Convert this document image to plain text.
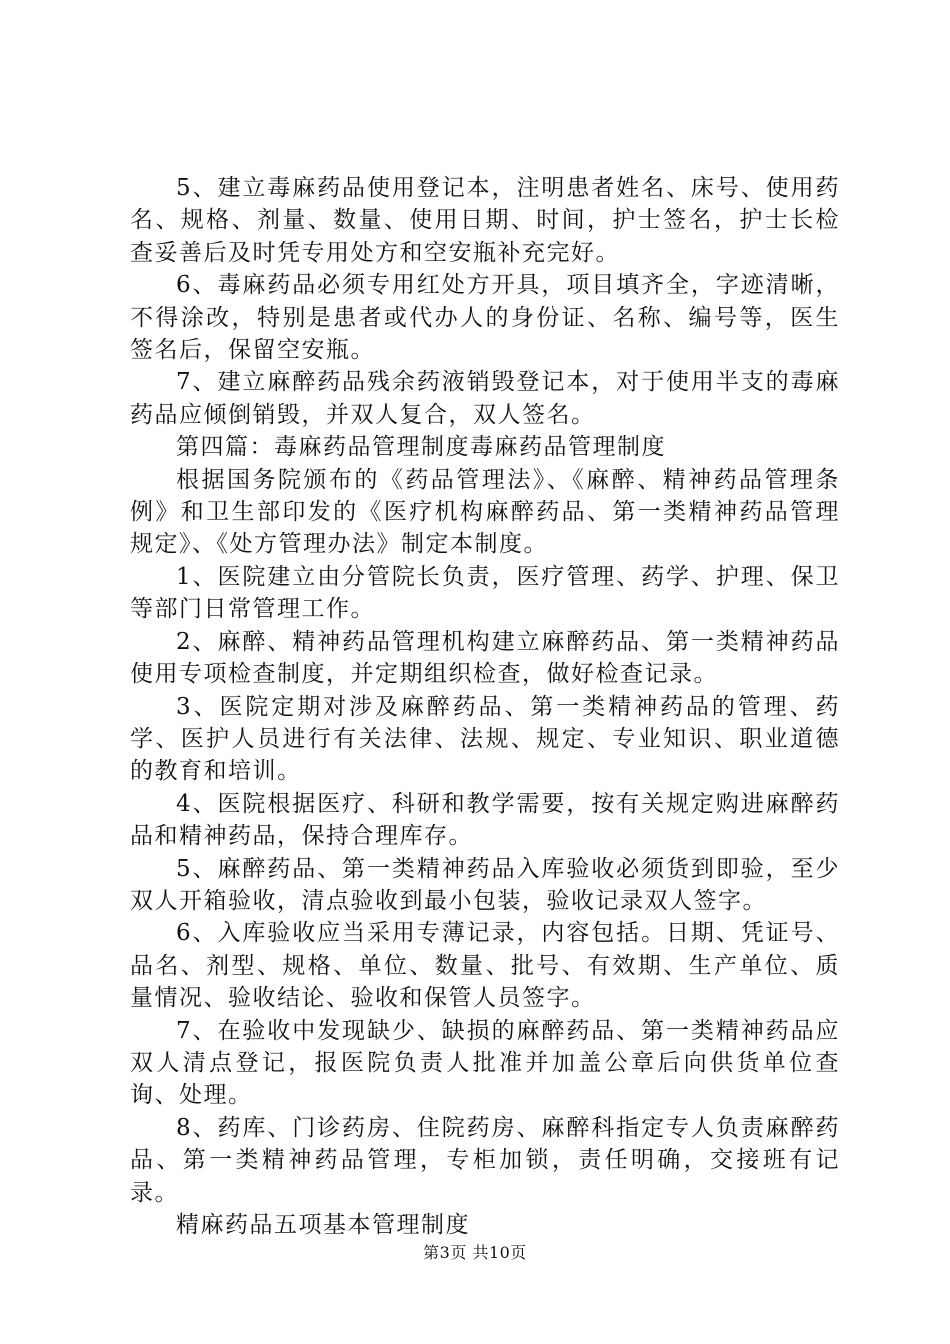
5、建立毒麻药品使用登记本，注明患者姓名、床号、使用药名、规格、剂量、数量、使用日期、时间，护士签名，护士长检查妥善后及时凭专用处方和空安瓶补充完好。

6、毒麻药品必须专用红处方开具，项目填齐全，字迹清晰，不得涂改，特别是患者或代办人的身份证、名称、编号等，医生签名后，保留空安瓶。

7、建立麻醉药品残余药液销毁登记本，对于使用半支的毒麻药品应倾倒销毁，并双人复合，双人签名。

第四篇：毒麻药品管理制度毒麻药品管理制度

根据国务院颁布的《药品管理法》、《麻醉、精神药品管理条例》和卫生部印发的《医疗机构麻醉药品、第一类精神药品管理规定》、《处方管理办法》制定本制度。

1、医院建立由分管院长负责，医疗管理、药学、护理、保卫等部门日常管理工作。

2、麻醉、精神药品管理机构建立麻醉药品、第一类精神药品使用专项检查制度，并定期组织检查，做好检查记录。

3、医院定期对涉及麻醉药品、第一类精神药品的管理、药学、医护人员进行有关法律、法规、规定、专业知识、职业道德的教育和培训。

4、医院根据医疗、科研和教学需要，按有关规定购进麻醉药品和精神药品，保持合理库存。

5、麻醉药品、第一类精神药品入库验收必须货到即验，至少双人开箱验收，清点验收到最小包装，验收记录双人签字。

6、入库验收应当采用专薄记录，内容包括。日期、凭证号、品名、剂型、规格、单位、数量、批号、有效期、生产单位、质量情况、验收结论、验收和保管人员签字。

7、在验收中发现缺少、缺损的麻醉药品、第一类精神药品应双人清点登记，报医院负责人批准并加盖公章后向供货单位查询、处理。

8、药库、门诊药房、住院药房、麻醉科指定专人负责麻醉药品、第一类精神药品管理，专柜加锁，责任明确，交接班有记录。

精麻药品五项基本管理制度

第3页 共10页
